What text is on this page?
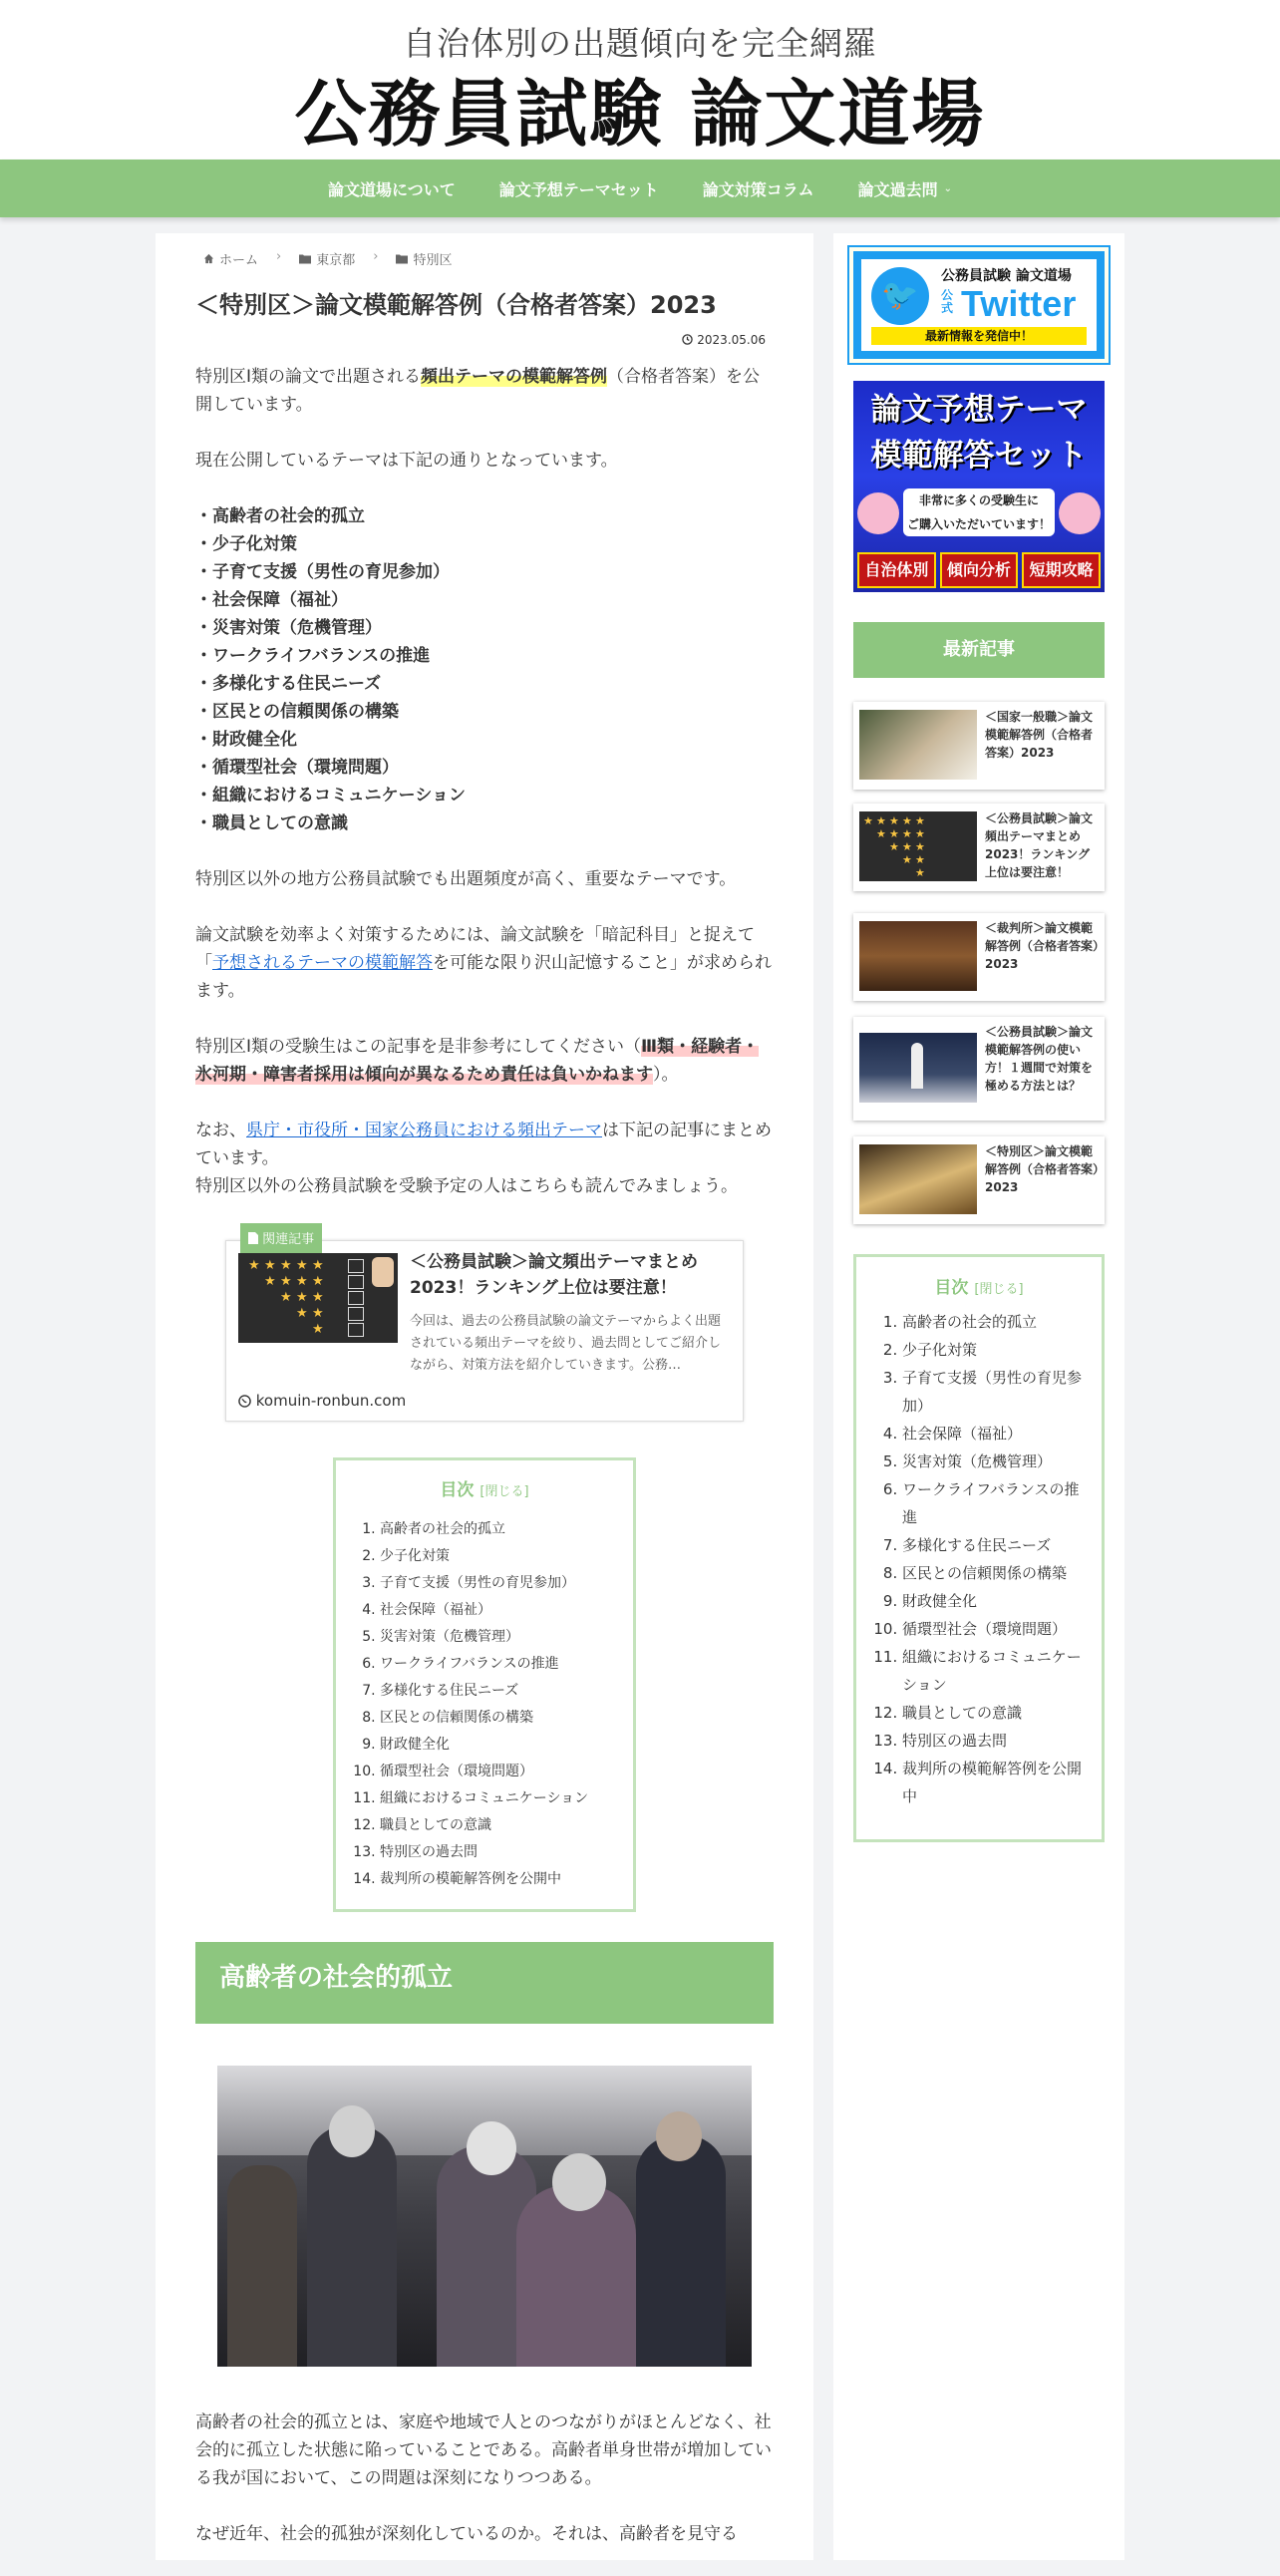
自治体別の出題傾向を完全網羅
公務員試験 論文道場
論文道場について	論文予想テーマセット	論文対策コラム	論文過去問 ⌄
ホーム ›	東京都 ›	特別区
＜特別区＞論文模範解答例（合格者答案）2023
2023.05.06

特別区Ⅰ類の論文で出題される頻出テーマの模範解答例（合格者答案）を公開しています。

現在公開しているテーマは下記の通りとなっています。

・高齢者の社会的孤立
・少子化対策
・子育て支援（男性の育児参加）
・社会保障（福祉）
・災害対策（危機管理）
・ワークライフバランスの推進
・多様化する住民ニーズ
・区民との信頼関係の構築
・財政健全化
・循環型社会（環境問題）
・組織におけるコミュニケーション
・職員としての意識

特別区以外の地方公務員試験でも出題頻度が高く、重要なテーマです。

論文試験を効率よく対策するためには、論文試験を「暗記科目」と捉えて「予想されるテーマの模範解答を可能な限り沢山記憶すること」が求められます。

特別区Ⅰ類の受験生はこの記事を是非参考にしてください（Ⅲ類・経験者・氷河期・障害者採用は傾向が異なるため責任は負いかねます）。

なお、県庁・市役所・国家公務員における頻出テーマは下記の記事にまとめています。
特別区以外の公務員試験を受験予定の人はこちらも読んでみましょう。

関連記事
★ ★ ★ ★ ★
★ ★ ★ ★
★ ★ ★
★ ★
★
＜公務員試験＞論文頻出テーマまとめ2023！ランキング上位は要注意！
今回は、過去の公務員試験の論文テーマからよく出題されている頻出テーマを絞り、過去問としてご紹介しながら、対策方法を紹介していきます。公務…
komuin-ronbun.com
目次 [閉じる]
1. 高齢者の社会的孤立
2. 少子化対策
3. 子育て支援（男性の育児参加）
4. 社会保障（福祉）
5. 災害対策（危機管理）
6. ワークライフバランスの推進
7. 多様化する住民ニーズ
8. 区民との信頼関係の構築
9. 財政健全化
10. 循環型社会（環境問題）
11. 組織におけるコミュニケーション
12. 職員としての意識
13. 特別区の過去問
14. 裁判所の模範解答例を公開中
高齢者の社会的孤立

高齢者の社会的孤立とは、家庭や地域で人とのつながりがほとんどなく、社会的に孤立した状態に陥っていることである。高齢者単身世帯が増加している我が国において、この問題は深刻になりつつある。

なぜ近年、社会的孤独が深刻化しているのか。それは、高齢者を見守る

🐦
公務員試験 論文道場
公式 Twitter
最新情報を発信中！
論文予想テーマ
模範解答セット
非常に多くの受験生に
ご購入いただいています！
自治体別	傾向分析	短期攻略
最新記事
＜国家一般職＞論文模範解答例（合格者答案）2023
★ ★ ★ ★ ★
★ ★ ★ ★
★ ★ ★
★ ★
★
＜公務員試験＞論文頻出テーマまとめ2023！ランキング上位は要注意！
＜裁判所＞論文模範解答例（合格者答案）2023
＜公務員試験＞論文模範解答例の使い方！１週間で対策を極める方法とは？
＜特別区＞論文模範解答例（合格者答案）2023
目次 [閉じる]
1. 高齢者の社会的孤立
2. 少子化対策
3. 子育て支援（男性の育児参加）
4. 社会保障（福祉）
5. 災害対策（危機管理）
6. ワークライフバランスの推進
7. 多様化する住民ニーズ
8. 区民との信頼関係の構築
9. 財政健全化
10. 循環型社会（環境問題）
11. 組織におけるコミュニケーション
12. 職員としての意識
13. 特別区の過去問
14. 裁判所の模範解答例を公開中
